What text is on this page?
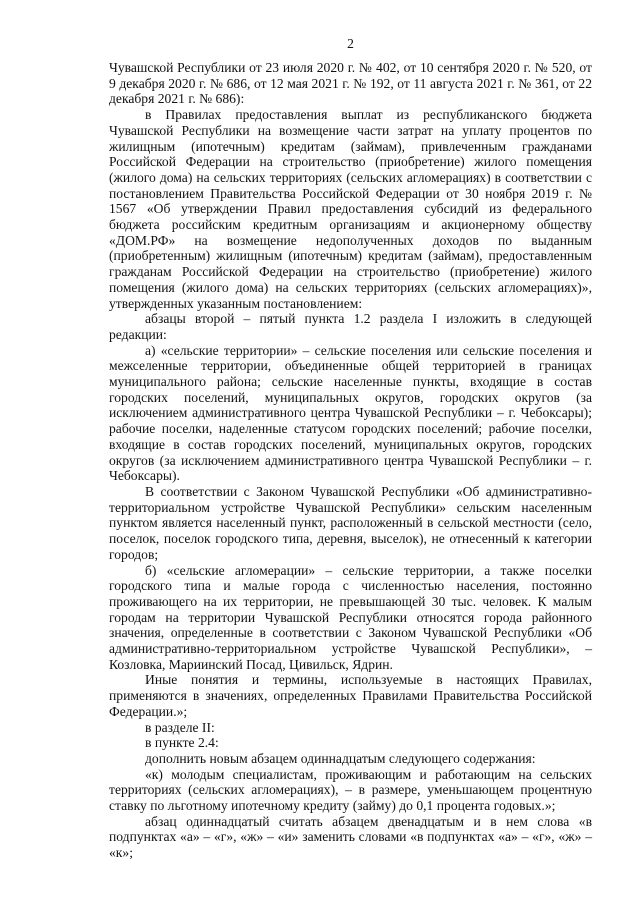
2

Чувашской Республики от 23 июля 2020 г. № 402, от 10 сентября 2020 г. № 520, от 9 декабря 2020 г. № 686, от 12 мая 2021 г. № 192, от 11 августа 2021 г. № 361, от 22 декабря 2021 г. № 686):

в Правилах предоставления выплат из республиканского бюджета Чувашской Республики на возмещение части затрат на уплату процентов по жилищным (ипотечным) кредитам (займам), привлеченным гражданами Российской Федерации на строительство (приобретение) жилого помещения (жилого дома) на сельских территориях (сельских агломерациях) в соответствии с постановлением Правительства Российской Федерации от 30 ноября 2019 г. № 1567 «Об утверждении Правил предоставления субсидий из федерального бюджета российским кредитным организациям и акционерному обществу «ДОМ.РФ» на возмещение недополученных доходов по выданным (приобретенным) жилищным (ипотечным) кредитам (займам), предоставленным гражданам Российской Федерации на строительство (приобретение) жилого помещения (жилого дома) на сельских территориях (сельских агломерациях)», утвержденных указанным постановлением:

абзацы второй – пятый пункта 1.2 раздела I изложить в следующей редакции:

а) «сельские территории» – сельские поселения или сельские поселения и межселенные территории, объединенные общей территорией в границах муниципального района; сельские населенные пункты, входящие в состав городских поселений, муниципальных округов, городских округов (за исключением административного центра Чувашской Республики – г. Чебоксары); рабочие поселки, наделенные статусом городских поселений; рабочие поселки, входящие в состав городских поселений, муниципальных округов, городских округов (за исключением административного центра Чувашской Республики – г. Чебоксары).

В соответствии с Законом Чувашской Республики «Об административно-территориальном устройстве Чувашской Республики» сельским населенным пунктом является населенный пункт, расположенный в сельской местности (село, поселок, поселок городского типа, деревня, выселок), не отнесенный к категории городов;

б) «сельские агломерации» – сельские территории, а также поселки городского типа и малые города с численностью населения, постоянно проживающего на их территории, не превышающей 30 тыс. человек. К малым городам на территории Чувашской Республики относятся города районного значения, определенные в соответствии с Законом Чувашской Республики «Об административно-территориальном устройстве Чувашской Республики», – Козловка, Мариинский Посад, Цивильск, Ядрин.

Иные понятия и термины, используемые в настоящих Правилах, применяются в значениях, определенных Правилами Правительства Российской Федерации.»;

в разделе II:

в пункте 2.4:

дополнить новым абзацем одиннадцатым следующего содержания:

«к) молодым специалистам, проживающим и работающим на сельских территориях (сельских агломерациях), – в размере, уменьшающем процентную ставку по льготному ипотечному кредиту (займу) до 0,1 процента годовых.»;

абзац одиннадцатый считать абзацем двенадцатым и в нем слова «в подпунктах «а» – «г», «ж» – «и» заменить словами «в подпунктах «а» – «г», «ж» – «к»;
